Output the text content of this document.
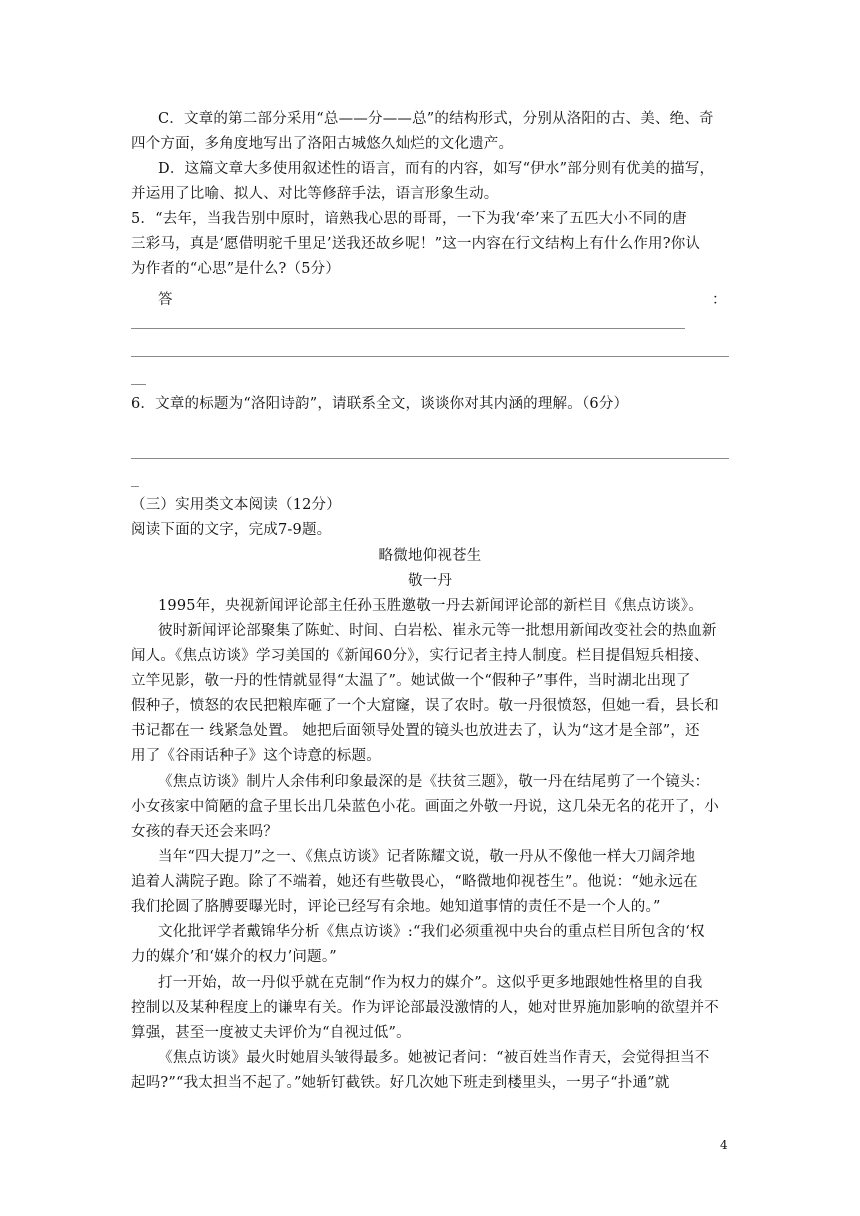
C．文章的第二部分采用“总——分——总”的结构形式，分别从洛阳的古、美、绝、奇
四个方面，多角度地写出了洛阳古城悠久灿烂的文化遗产。
D．这篇文章大多使用叙述性的语言，而有的内容，如写“伊水”部分则有优美的描写，
并运用了比喻、拟人、对比等修辞手法，语言形象生动。
5．“去年，当我告别中原时，谙熟我心思的哥哥，一下为我‘牵’来了五匹大小不同的唐
三彩马，真是‘愿借明驼千里足’送我还故乡呢！”这一内容在行文结构上有什么作用?你认
为作者的“心思”是什么?（5分）
答	：
6．文章的标题为“洛阳诗韵”，请联系全文，谈谈你对其内涵的理解。（6分）
（三）实用类文本阅读（12分）
阅读下面的文字，完成7-9题。
略微地仰视苍生
敬一丹
1995年，央视新闻评论部主任孙玉胜邀敬一丹去新闻评论部的新栏目《焦点访谈》。
彼时新闻评论部聚集了陈虻、时间、白岩松、崔永元等一批想用新闻改变社会的热血新
闻人。《焦点访谈》学习美国的《新闻60分》，实行记者主持人制度。栏目提倡短兵相接、
立竿见影，敬一丹的性情就显得“太温了”。她试做一个“假种子”事件，当时湖北出现了
假种子，愤怒的农民把粮库砸了一个大窟窿，误了农时。敬一丹很愤怒，但她一看，县长和
书记都在一 线紧急处置。 她把后面领导处置的镜头也放进去了，认为“这才是全部”，还
用了《谷雨话种子》这个诗意的标题。
《焦点访谈》制片人余伟利印象最深的是《扶贫三题》，敬一丹在结尾剪了一个镜头：
小女孩家中简陋的盒子里长出几朵蓝色小花。画面之外敬一丹说，这几朵无名的花开了，小
女孩的春天还会来吗？
当年“四大提刀”之一、《焦点访谈》记者陈耀文说，敬一丹从不像他一样大刀阔斧地
追着人满院子跑。除了不端着，她还有些敬畏心，“略微地仰视苍生”。他说：“她永远在
我们抡圆了胳膊要曝光时，评论已经写有余地。她知道事情的责任不是一个人的。”
文化批评学者戴锦华分析《焦点访谈》:“我们必须重视中央台的重点栏目所包含的‘权
力的媒介’和‘媒介的权力’问题。”
打一开始，故一丹似乎就在克制“作为权力的媒介”。这似乎更多地跟她性格里的自我
控制以及某种程度上的谦卑有关。作为评论部最没激情的人，她对世界施加影响的欲望并不
算强，甚至一度被丈夫评价为“自视过低”。
《焦点访谈》最火时她眉头皱得最多。她被记者问：“被百姓当作青天，会觉得担当不
起吗?”“我太担当不起了。”她斩钉截铁。好几次她下班走到楼里头，一男子“扑通”就
4
